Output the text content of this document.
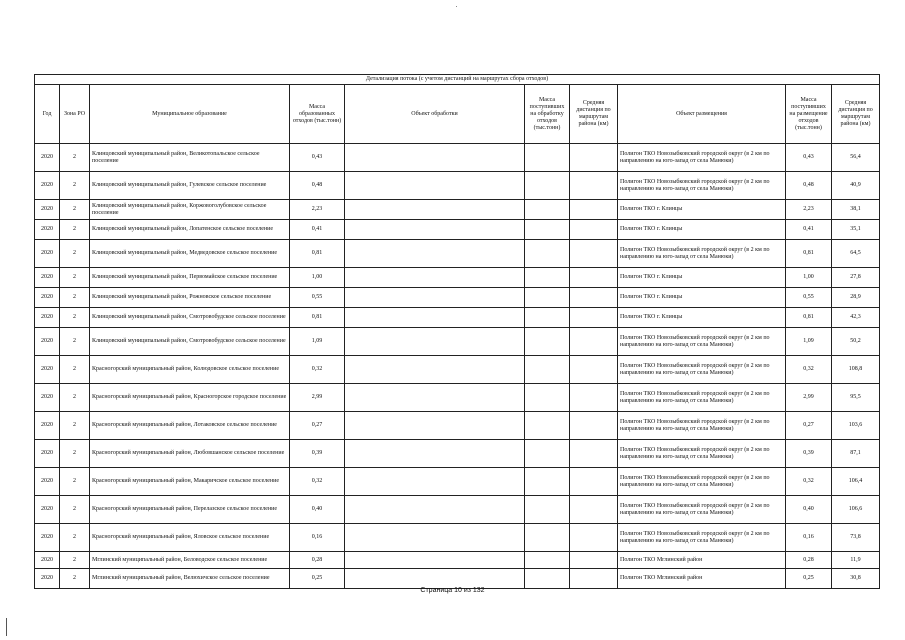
Детализация потока (с учетом дистанций на маршрутах сбора отходов)									
Год	Зона РО	Муниципальное образование	Масса образованных отходов (тыс.тонн)	Объект обработки	Масса поступивших на обработку отходов (тыс.тонн)	Средняя дистанция по маршрутам района (км)	Объект размещения	Масса поступивших на размещение отходов (тыс.тонн)	Средняя дистанция по маршрутам района (км)
2020	2	Клинцовский муниципальный район, Великотопальское сельское поселение	0,43				Полигон ТКО Новозыбковский городской округ (в 2 км по направлению на юго-запад от села Манюки)	0,43	56,4
2020	2	Клинцовский муниципальный район, Гулевское сельское поселение	0,48				Полигон ТКО Новозыбковский городской округ (в 2 км по направлению на юго-запад от села Манюки)	0,48	40,9
2020	2	Клинцовский муниципальный район, Коржовоголубовское сельское поселение	2,23				Полигон ТКО г. Клинцы	2,23	38,1
2020	2	Клинцовский муниципальный район, Лопатенское сельское поселение	0,41				Полигон ТКО г. Клинцы	0,41	35,1
2020	2	Клинцовский муниципальный район, Медведовское сельское поселение	0,81				Полигон ТКО Новозыбковский городской округ (в 2 км по направлению на юго-запад от села Манюки)	0,81	64,5
2020	2	Клинцовский муниципальный район, Первомайское сельское поселение	1,00				Полигон ТКО г. Клинцы	1,00	27,8
2020	2	Клинцовский муниципальный район, Рожновское сельское поселение	0,55				Полигон ТКО г. Клинцы	0,55	28,9
2020	2	Клинцовский муниципальный район, Смотровобудское сельское поселение	0,81				Полигон ТКО г. Клинцы	0,81	42,3
2020	2	Клинцовский муниципальный район, Смотровобудское сельское поселение	1,09				Полигон ТКО Новозыбковский городской округ (в 2 км по направлению на юго-запад от села Манюки)	1,09	50,2
2020	2	Красногорский муниципальный район, Колюдовское сельское поселение	0,32				Полигон ТКО Новозыбковский городской округ (в 2 км по направлению на юго-запад от села Манюки)	0,32	108,8
2020	2	Красногорский муниципальный район, Красногорское городское поселение	2,99				Полигон ТКО Новозыбковский городской округ (в 2 км по направлению на юго-запад от села Манюки)	2,99	95,5
2020	2	Красногорский муниципальный район, Лотаковское сельское поселение	0,27				Полигон ТКО Новозыбковский городской округ (в 2 км по направлению на юго-запад от села Манюки)	0,27	103,6
2020	2	Красногорский муниципальный район, Любовшанское сельское поселение	0,39				Полигон ТКО Новозыбковский городской округ (в 2 км по направлению на юго-запад от села Манюки)	0,39	87,1
2020	2	Красногорский муниципальный район, Макаричское сельское поселение	0,32				Полигон ТКО Новозыбковский городской округ (в 2 км по направлению на юго-запад от села Манюки)	0,32	106,4
2020	2	Красногорский муниципальный район, Перелазское сельское поселение	0,40				Полигон ТКО Новозыбковский городской округ (в 2 км по направлению на юго-запад от села Манюки)	0,40	106,6
2020	2	Красногорский муниципальный район, Яловское сельское поселение	0,16				Полигон ТКО Новозыбковский городской округ (в 2 км по направлению на юго-запад от села Манюки)	0,16	73,8
2020	2	Мглинский муниципальный район, Беловодское сельское поселение	0,28				Полигон ТКО Мглинский район	0,28	11,9
2020	2	Мглинский муниципальный район, Велюхичское сельское поселение	0,25				Полигон ТКО Мглинский район	0,25	30,8
Страница 10 из 132
